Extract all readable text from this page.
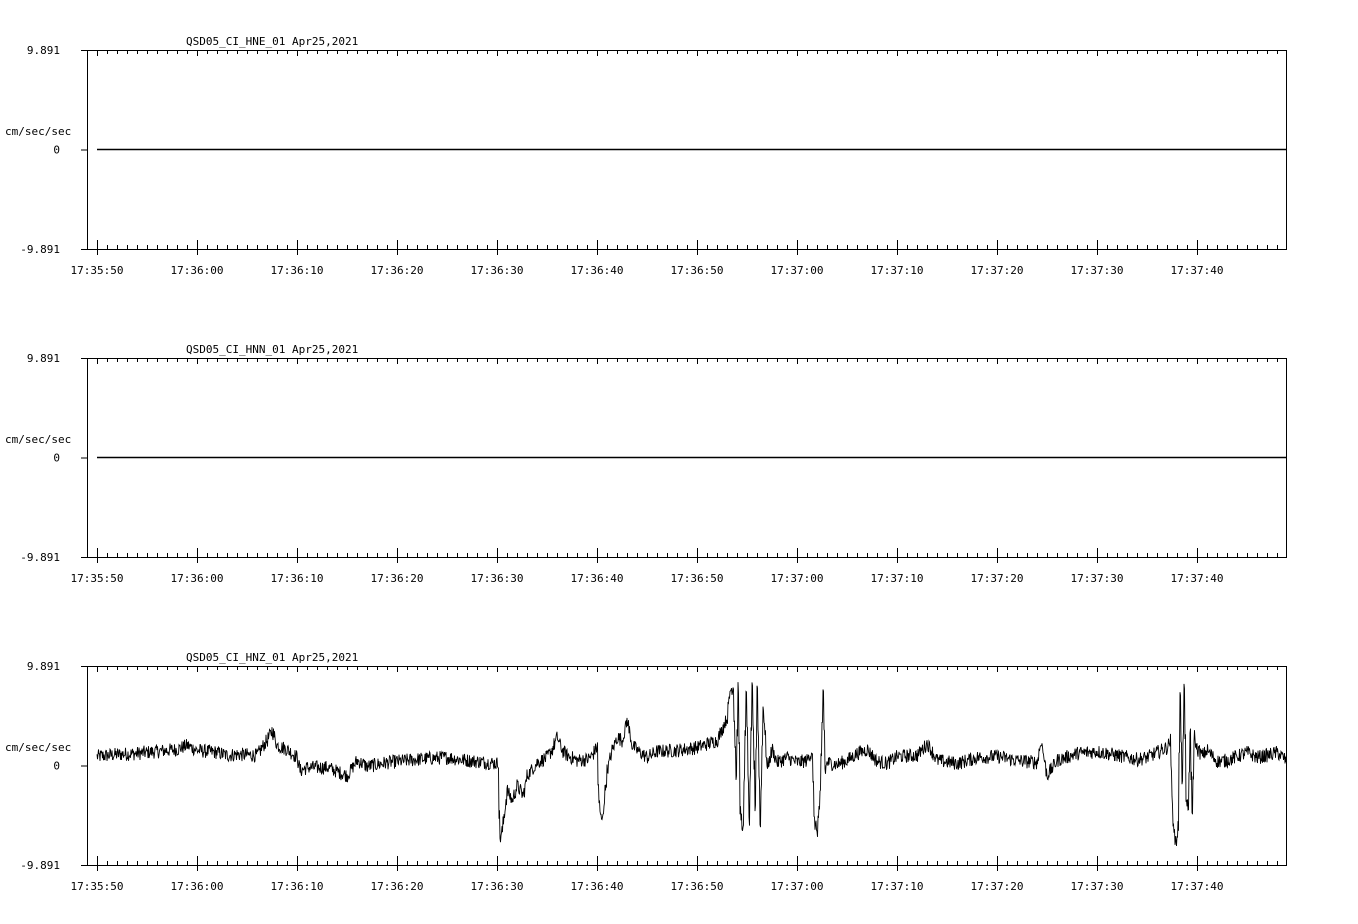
QSD05_CI_HNE_01 Apr25,2021
cm/sec/sec
9.891
0
-9.891
17:35:50	17:36:00	17:36:10	17:36:20	17:36:30	17:36:40	17:36:50	17:37:00	17:37:10	17:37:20	17:37:30	17:37:40
QSD05_CI_HNN_01 Apr25,2021
cm/sec/sec
9.891
0
-9.891
17:35:50	17:36:00	17:36:10	17:36:20	17:36:30	17:36:40	17:36:50	17:37:00	17:37:10	17:37:20	17:37:30	17:37:40
QSD05_CI_HNZ_01 Apr25,2021
cm/sec/sec
9.891
0
-9.891
17:35:50	17:36:00	17:36:10	17:36:20	17:36:30	17:36:40	17:36:50	17:37:00	17:37:10	17:37:20	17:37:30	17:37:40
